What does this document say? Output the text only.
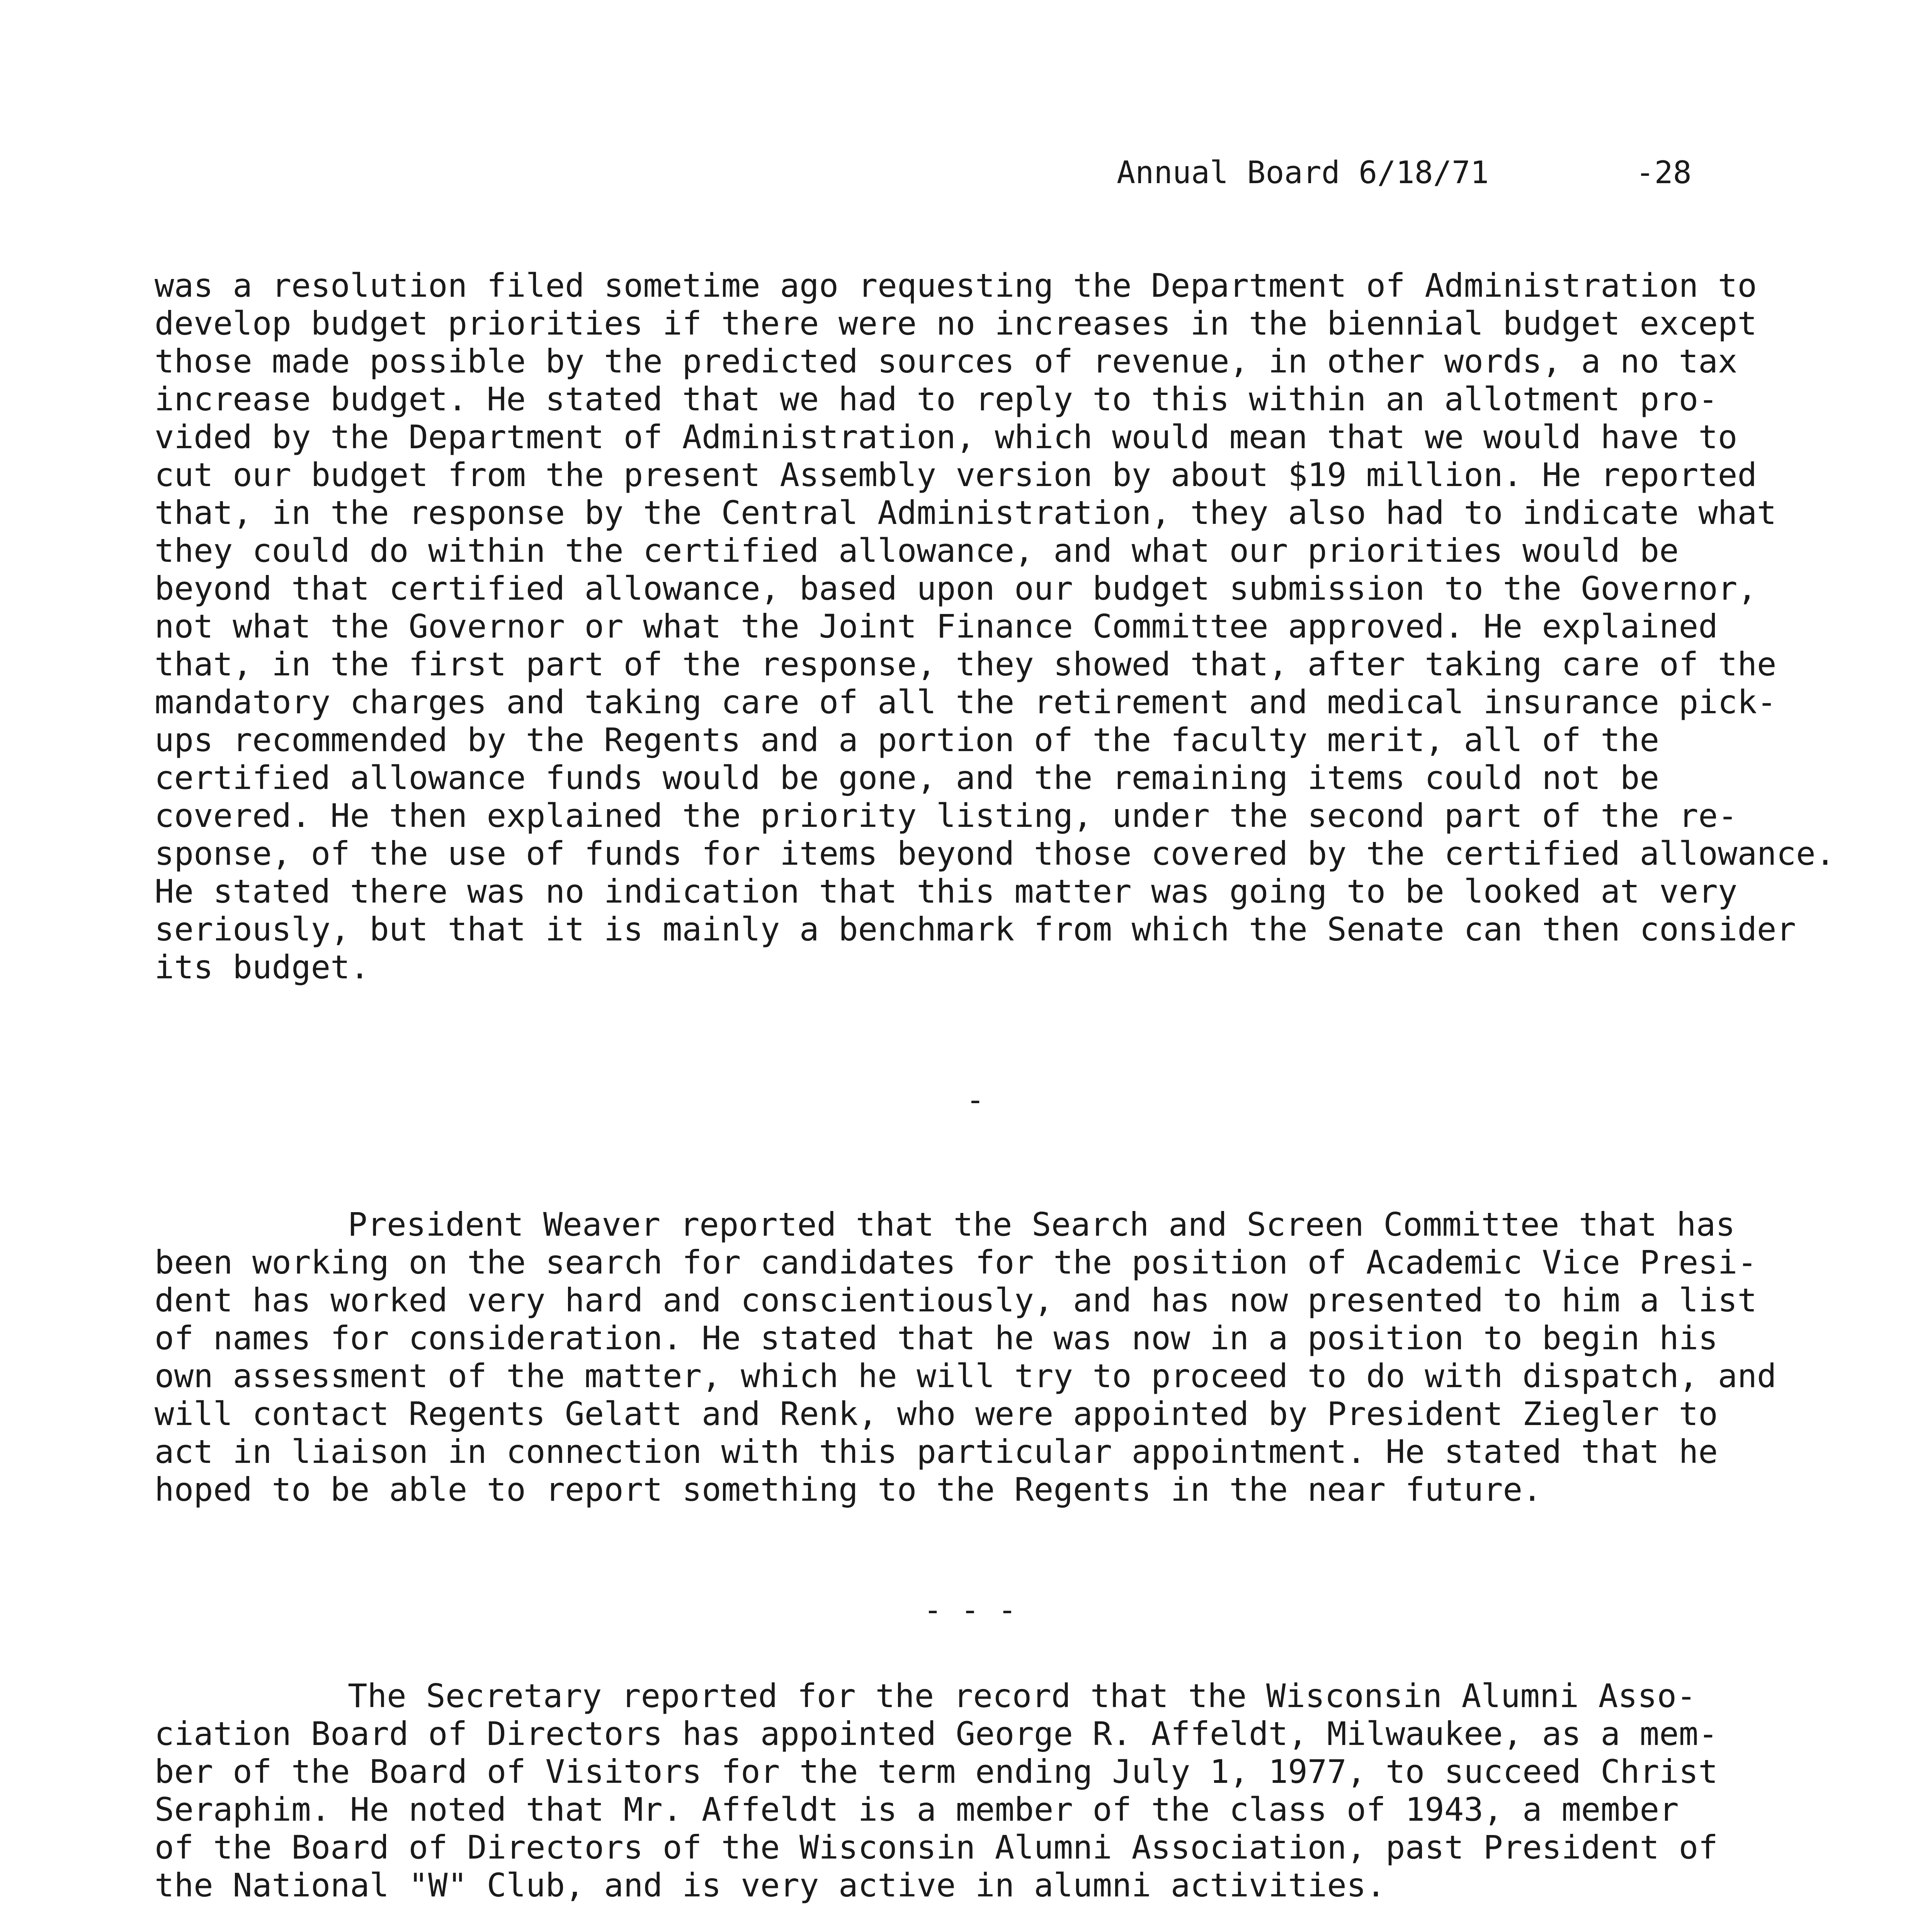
Annual Board 6/18/71	-28
was a resolution filed sometime ago requesting the Department of Administration to
develop budget priorities if there were no increases in the biennial budget except
those made possible by the predicted sources of revenue, in other words, a no tax
increase budget. He stated that we had to reply to this within an allotment pro-
vided by the Department of Administration, which would mean that we would have to
cut our budget from the present Assembly version by about $19 million. He reported
that, in the response by the Central Administration, they also had to indicate what
they could do within the certified allowance, and what our priorities would be
beyond that certified allowance, based upon our budget submission to the Governor,
not what the Governor or what the Joint Finance Committee approved. He explained
that, in the first part of the response, they showed that, after taking care of the
mandatory charges and taking care of all the retirement and medical insurance pick-
ups recommended by the Regents and a portion of the faculty merit, all of the
certified allowance funds would be gone, and the remaining items could not be
covered. He then explained the priority listing, under the second part of the re-
sponse, of the use of funds for items beyond those covered by the certified allowance.
He stated there was no indication that this matter was going to be looked at very
seriously, but that it is mainly a benchmark from which the Senate can then consider
its budget.
-
President Weaver reported that the Search and Screen Committee that has
been working on the search for candidates for the position of Academic Vice Presi-
dent has worked very hard and conscientiously, and has now presented to him a list
of names for consideration. He stated that he was now in a position to begin his
own assessment of the matter, which he will try to proceed to do with dispatch, and
will contact Regents Gelatt and Renk, who were appointed by President Ziegler to
act in liaison in connection with this particular appointment. He stated that he
hoped to be able to report something to the Regents in the near future.
- - -
The Secretary reported for the record that the Wisconsin Alumni Asso-
ciation Board of Directors has appointed George R. Affeldt, Milwaukee, as a mem-
ber of the Board of Visitors for the term ending July 1, 1977, to succeed Christ
Seraphim. He noted that Mr. Affeldt is a member of the class of 1943, a member
of the Board of Directors of the Wisconsin Alumni Association, past President of
the National "W" Club, and is very active in alumni activities.
